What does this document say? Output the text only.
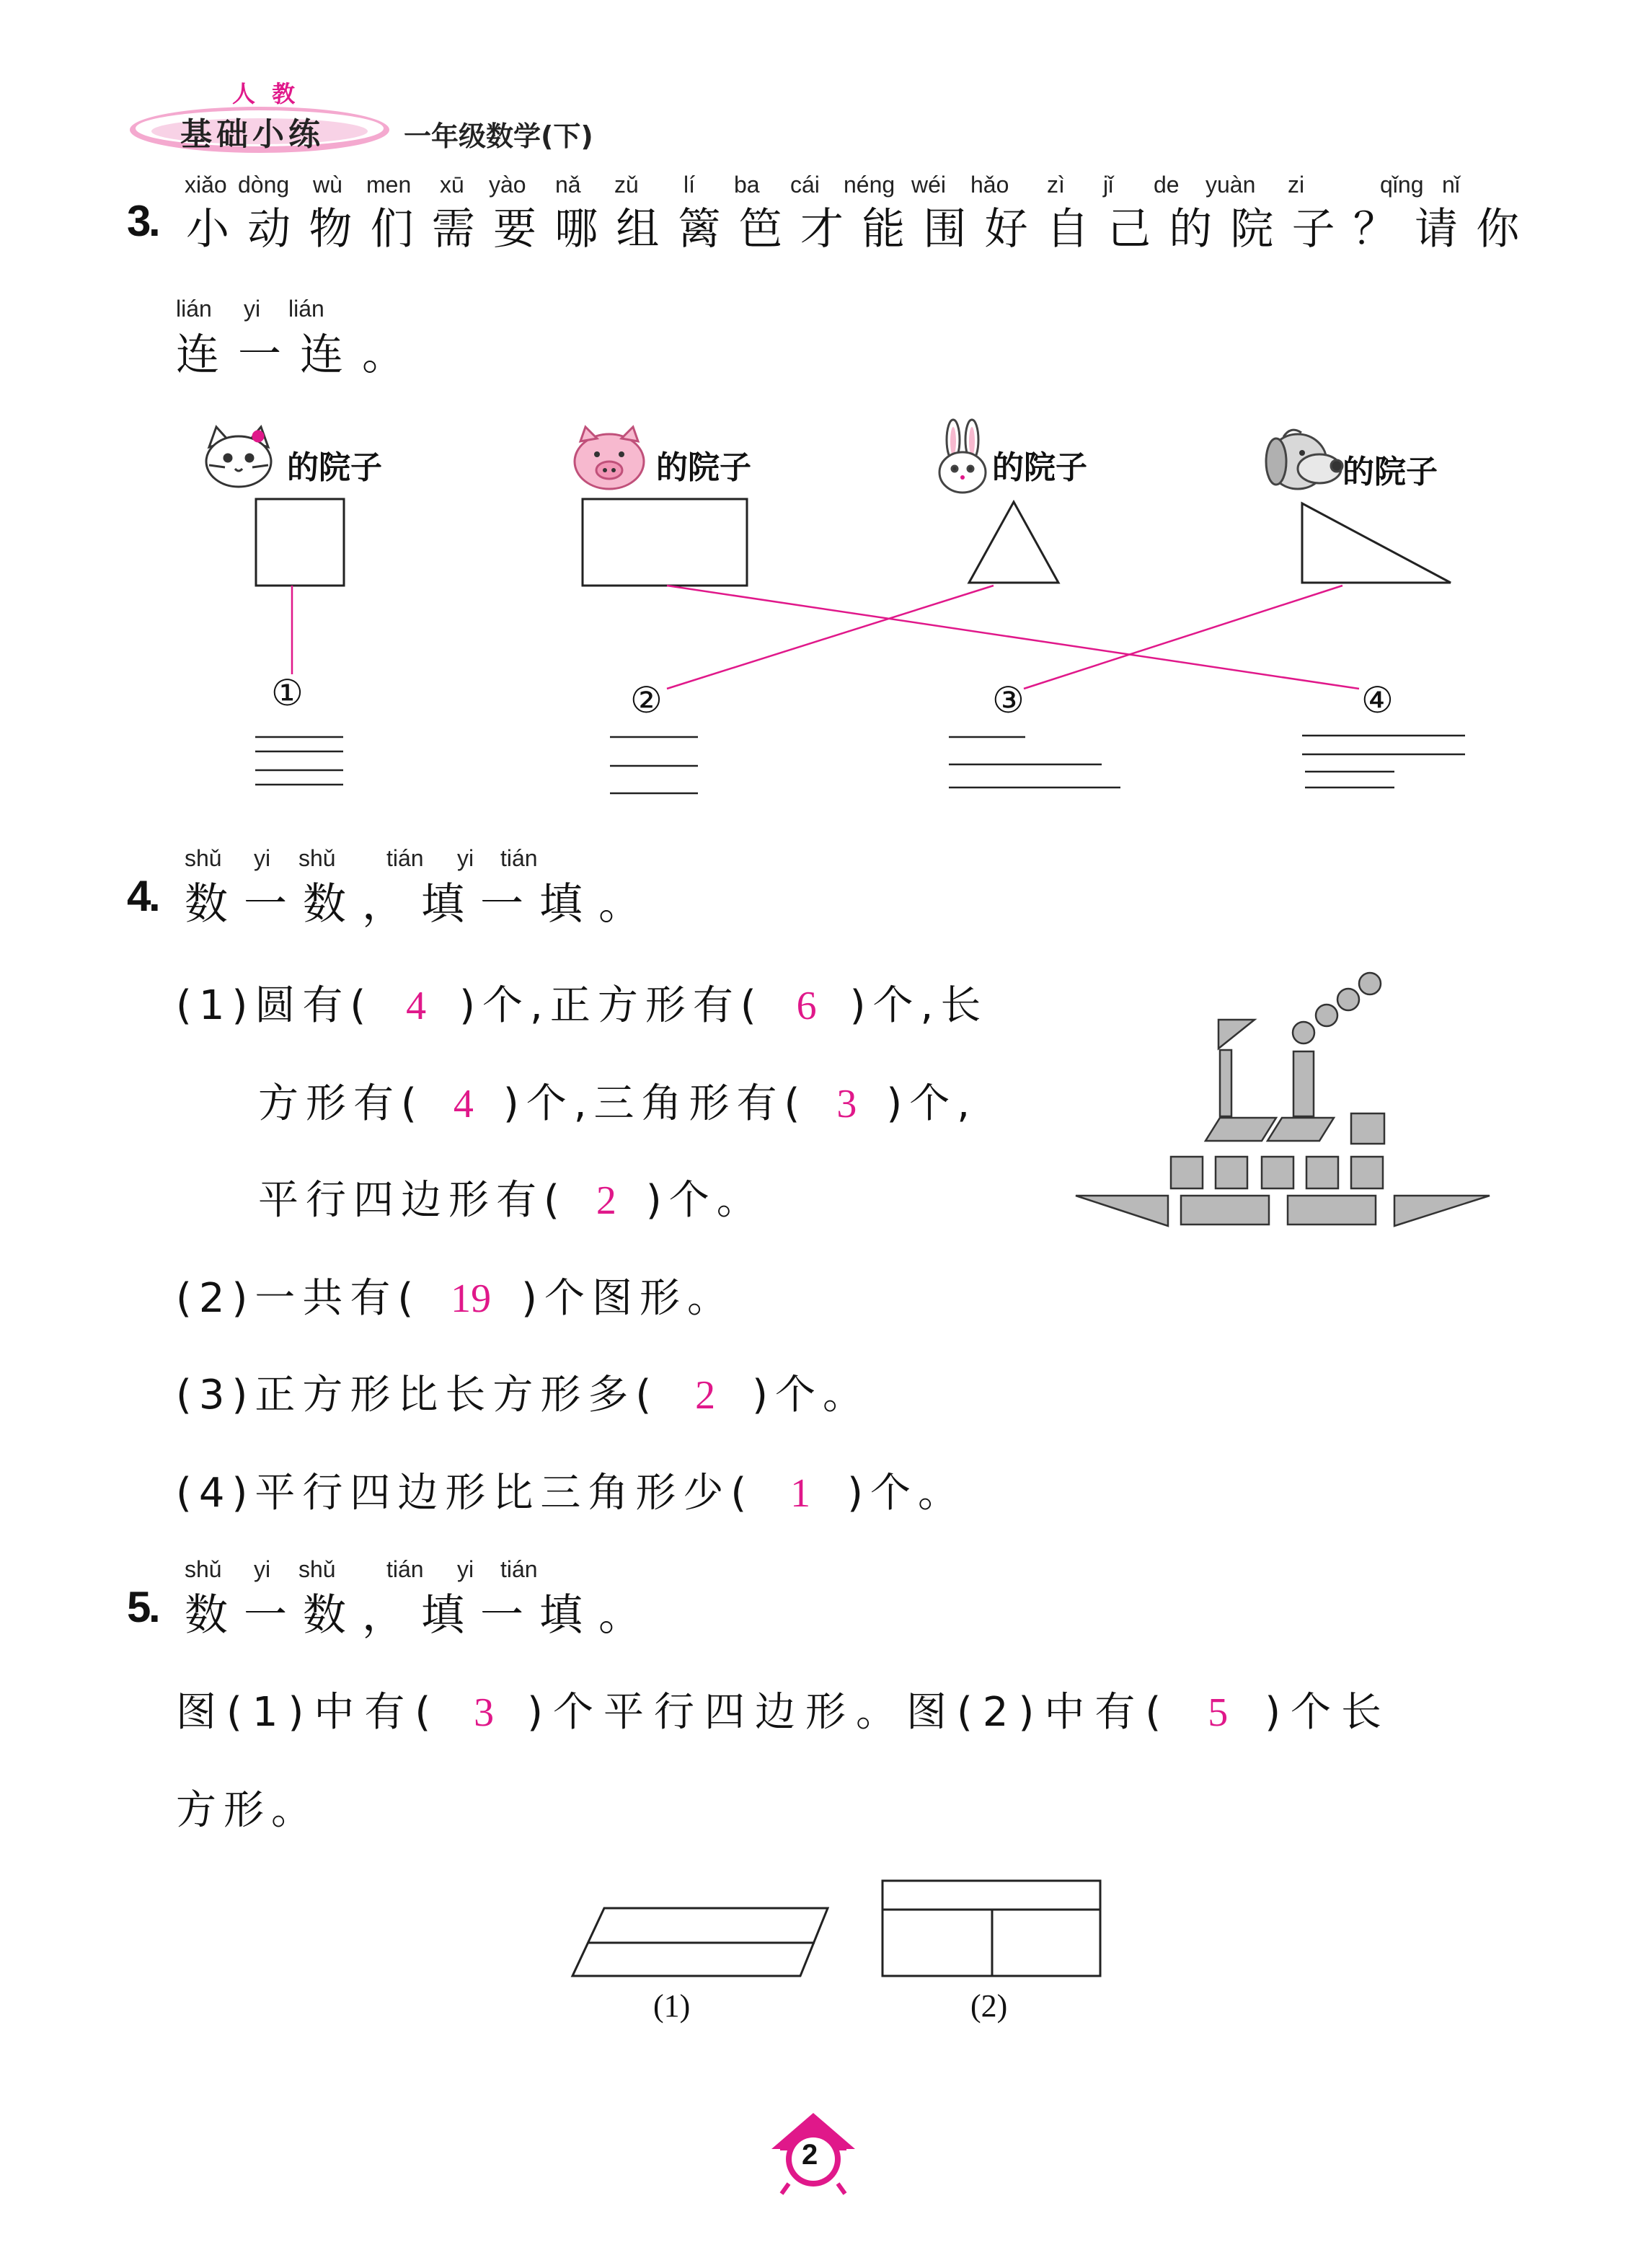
人 教
基础小练	一年级数学(下)
3
.
xiǎo dòng wù men xū yào nǎ zǔ lí ba cái néng wéi hǎo zì jǐ de yuàn zi	qǐng nǐ
小动物们需要哪组篱笆才能围好自己的院子？请你
lián yi lián
连一连。
的院子	的院子	的院子	的院子
①	②	③	④
4
.
shǔ yi shǔ tián yi tián
数一数，填一填。
(1)圆有( 4 )个,正方形有( 6 )个,长
方形有( 4 )个,三角形有( 3 )个,
平行四边形有( 2 )个。
(2)一共有( 19 )个图形。
(3)正方形比长方形多( 2 )个。
(4)平行四边形比三角形少( 1 )个。
5
.
shǔ yi shǔ tián yi tián
数一数，填一填。
图(1)中有( 3 )个平行四边形。图(2)中有( 5 )个长
方形。
(1)	(2)
2
